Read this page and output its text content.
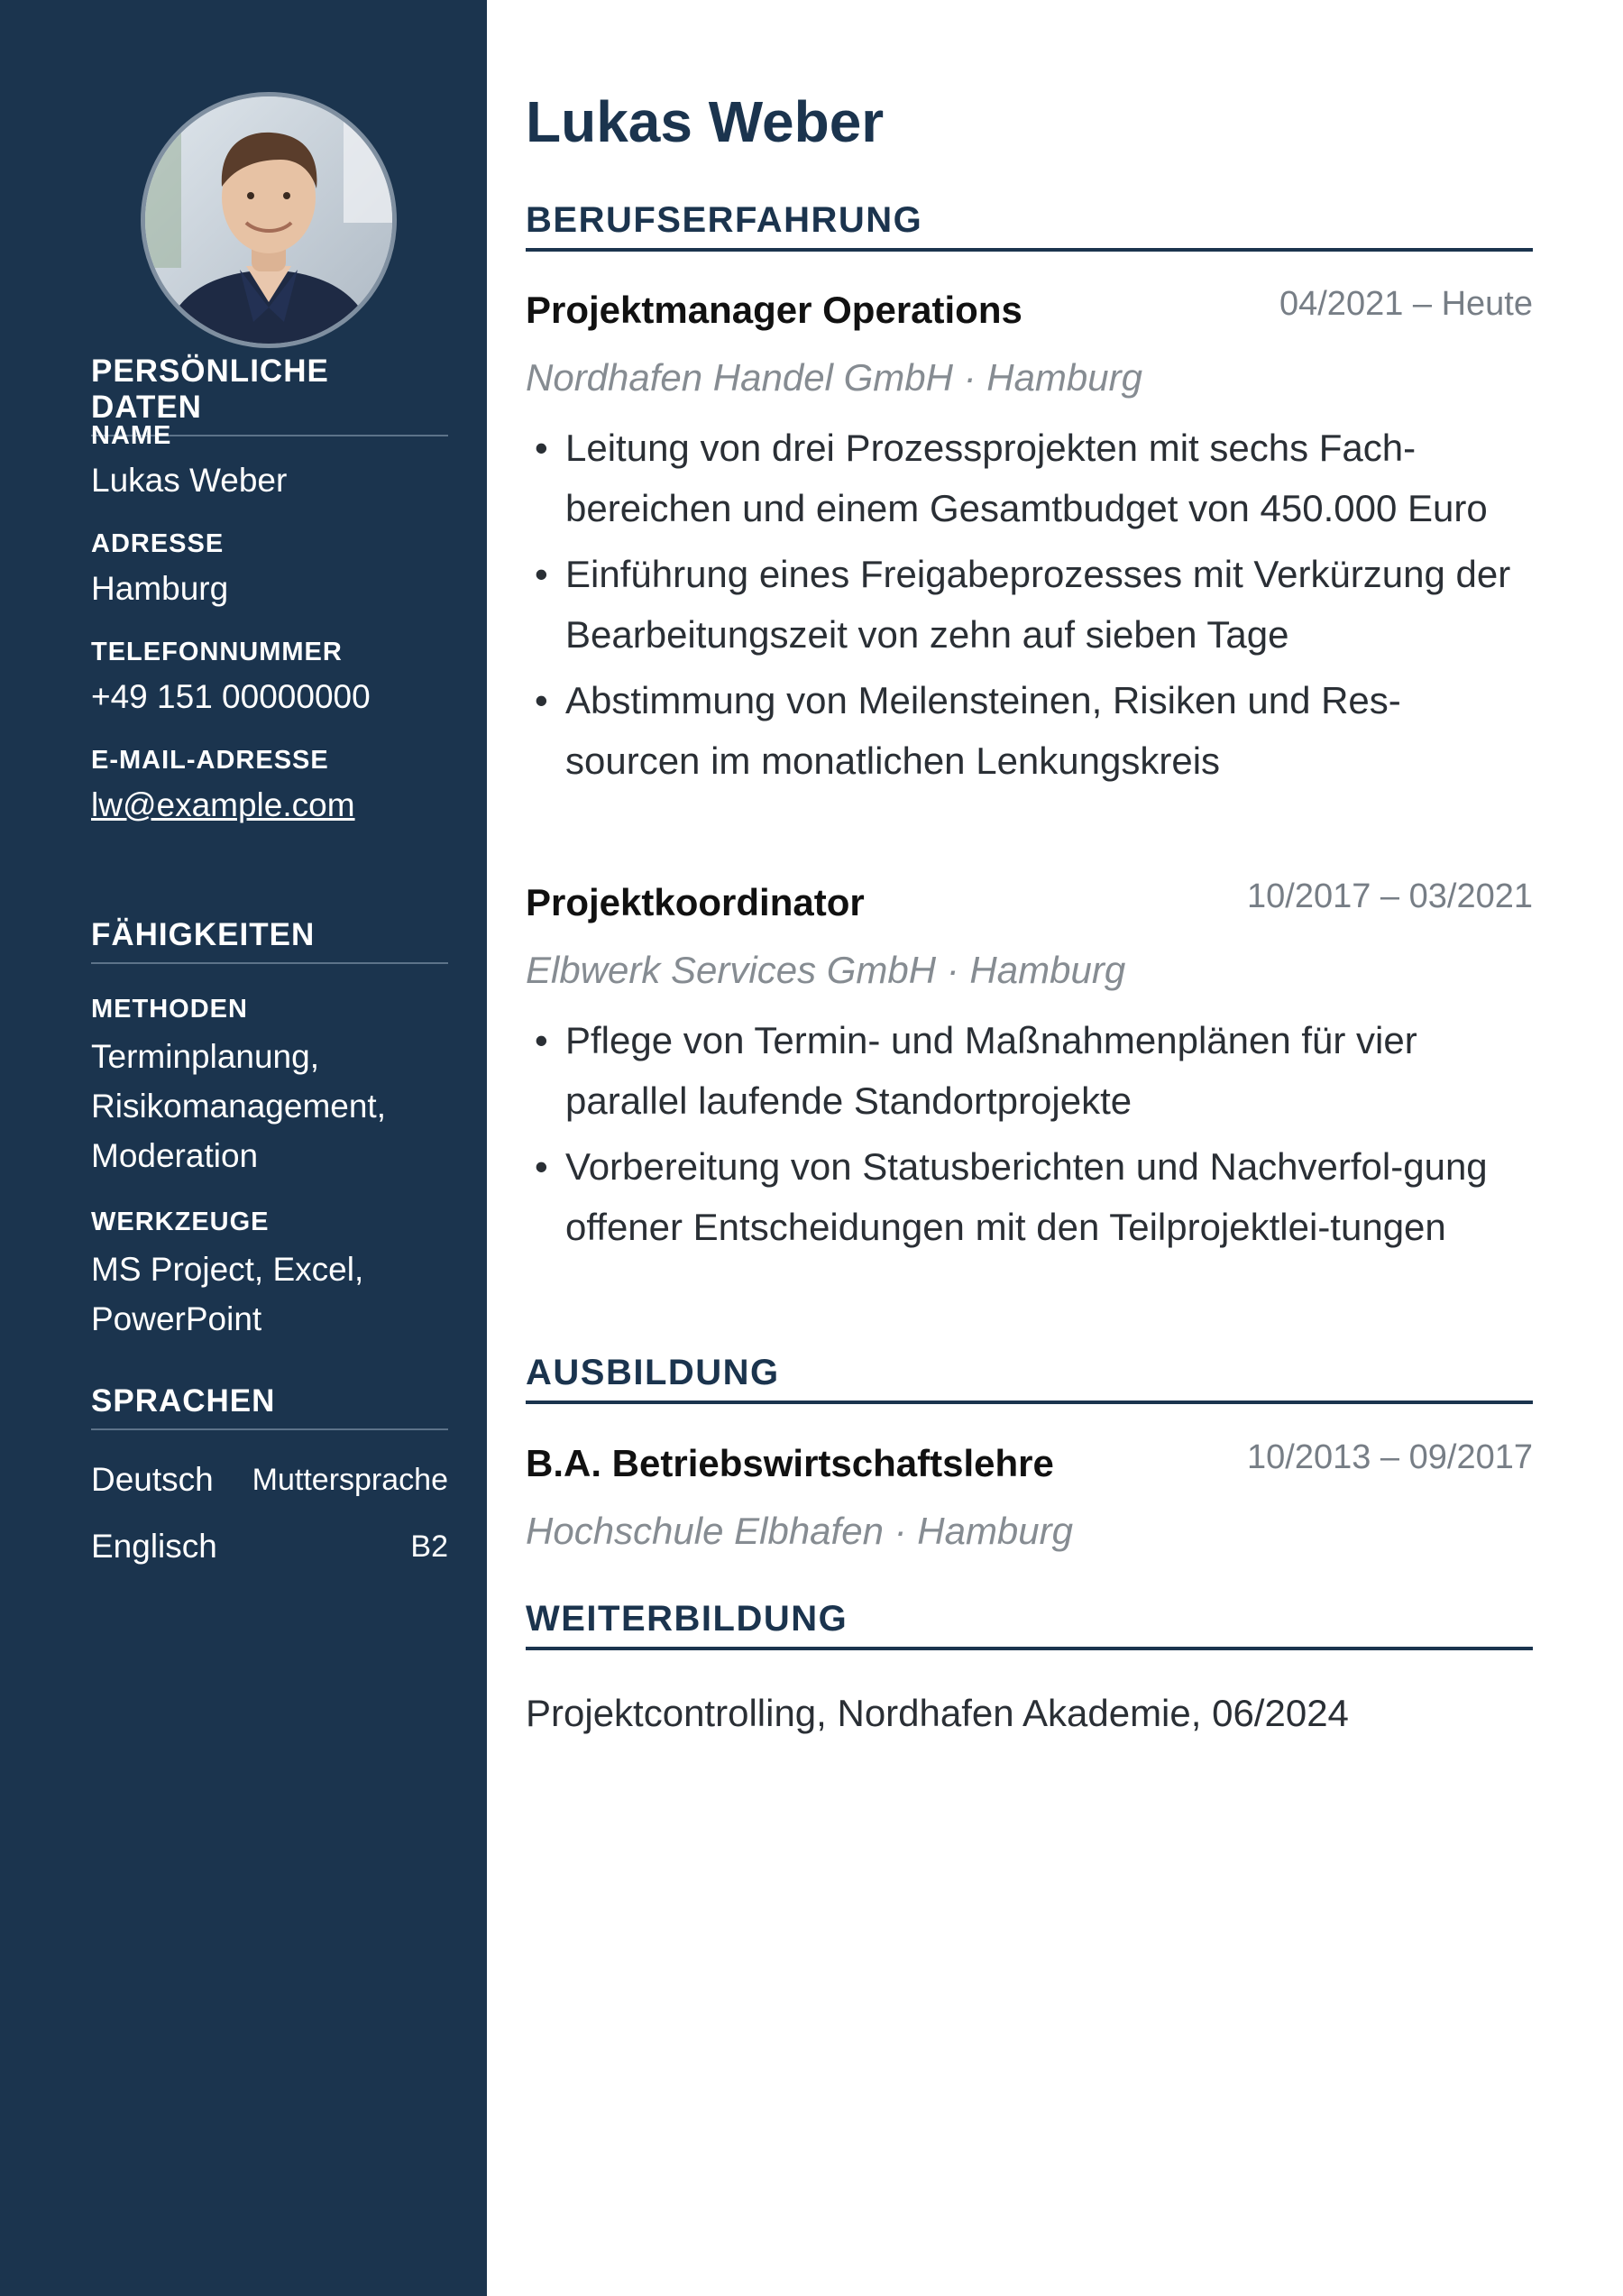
PERSÖNLICHE DATEN
NAME
Lukas Weber
ADRESSE
Hamburg
TELEFONNUMMER
+49 151 00000000
E-MAIL-ADRESSE
lw@example.com
FÄHIGKEITEN
METHODEN
Terminplanung,
Risikomanagement,
Moderation
WERKZEUGE
MS Project, Excel,
PowerPoint
SPRACHEN
Deutsch Muttersprache
Englisch	B2
Lukas Weber
BERUFSERFAHRUNG
Projektmanager Operations	04/2021 – Heute
Nordhafen Handel GmbH · Hamburg
• Leitung von drei Prozessprojekten mit sechs Fach-bereichen und einem Gesamtbudget von 450.000 Euro
• Einführung eines Freigabeprozesses mit Verkürzung der Bearbeitungszeit von zehn auf sieben Tage
• Abstimmung von Meilensteinen, Risiken und Res-sourcen im monatlichen Lenkungskreis
Projektkoordinator	10/2017 – 03/2021
Elbwerk Services GmbH · Hamburg
• Pflege von Termin- und Maßnahmenplänen für vier parallel laufende Standortprojekte
• Vorbereitung von Statusberichten und Nachverfol-gung offener Entscheidungen mit den Teilprojektlei-tungen
AUSBILDUNG
B.A. Betriebswirtschaftslehre	10/2013 – 09/2017
Hochschule Elbhafen · Hamburg
WEITERBILDUNG
Projektcontrolling, Nordhafen Akademie, 06/2024
